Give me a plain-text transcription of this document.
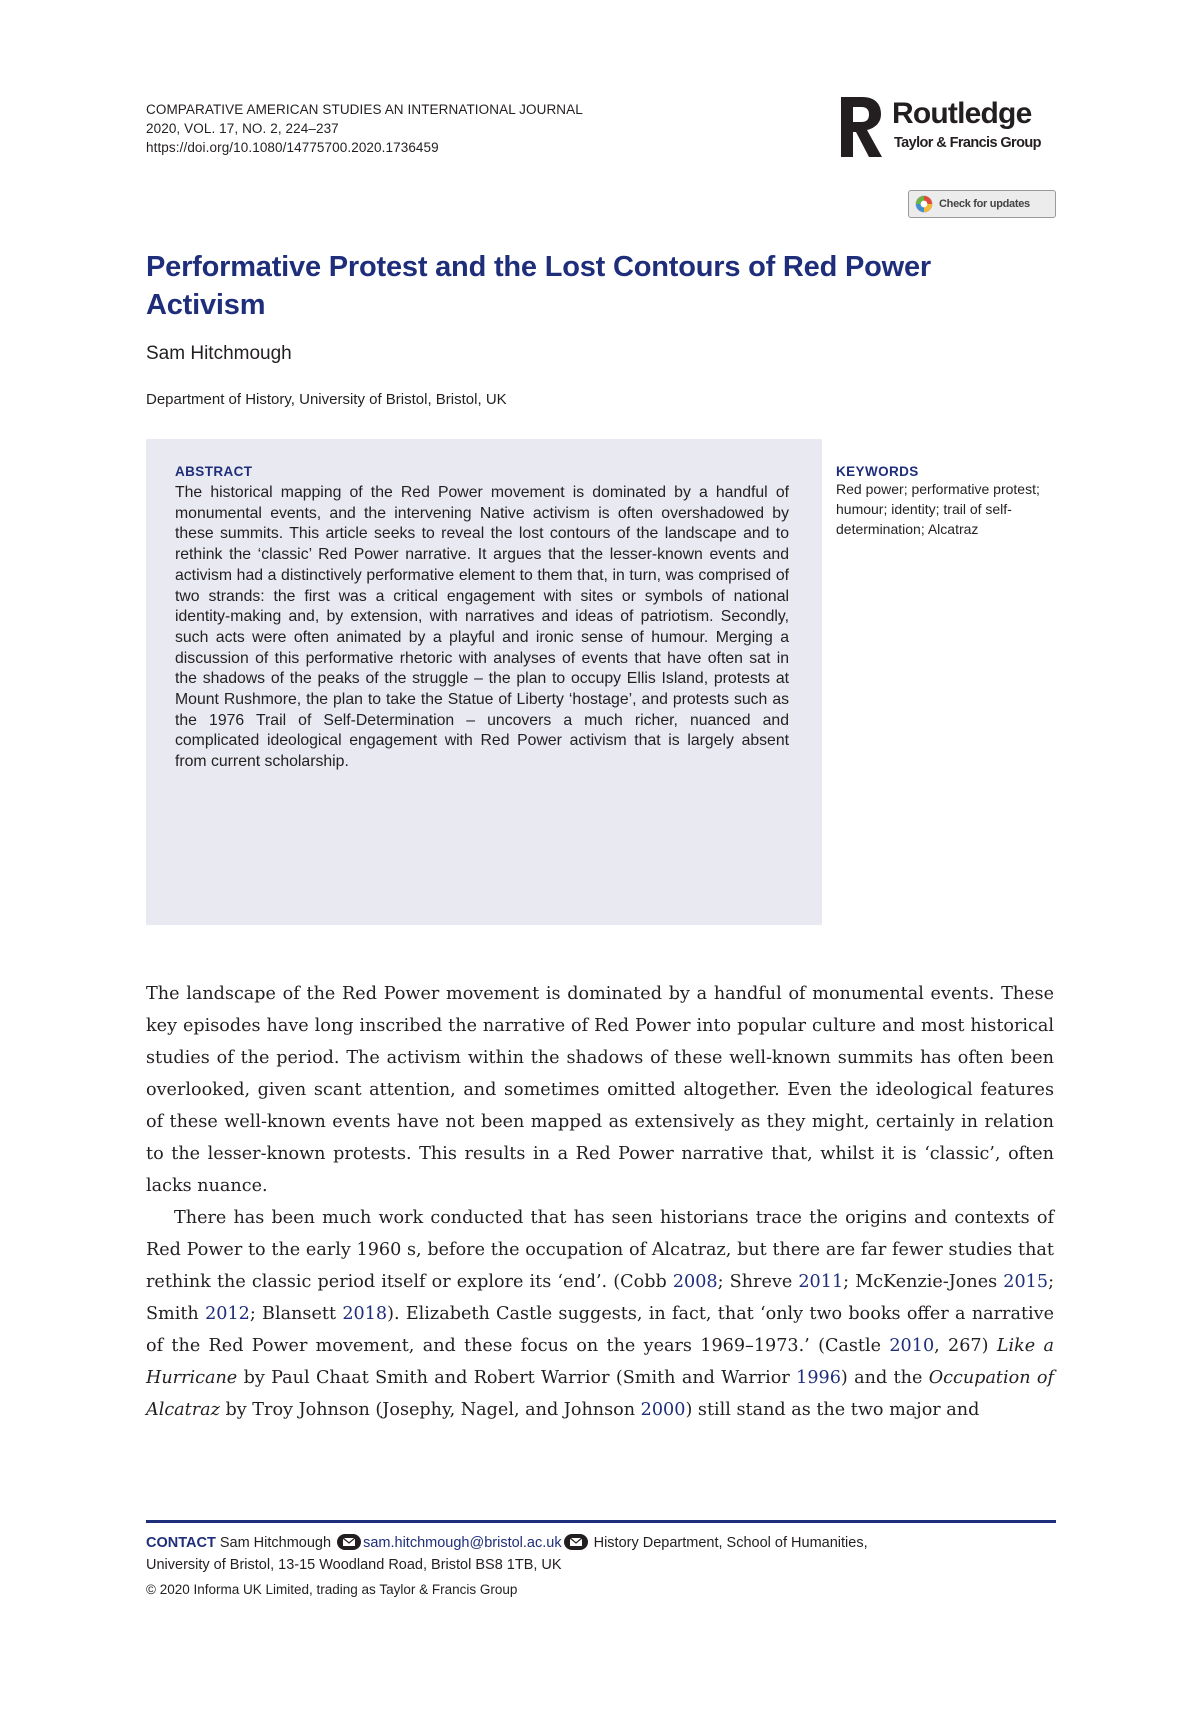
COMPARATIVE AMERICAN STUDIES AN INTERNATIONAL JOURNAL
2020, VOL. 17, NO. 2, 224–237
https://doi.org/10.1080/14775700.2020.1736459
Routledge
Taylor & Francis Group
Check for updates
Performative Protest and the Lost Contours of Red Power Activism
Sam Hitchmough
Department of History, University of Bristol, Bristol, UK
ABSTRACT
The historical mapping of the Red Power movement is dominated by a handful of monumental events, and the intervening Native activism is often overshadowed by these summits. This article seeks to reveal the lost contours of the landscape and to rethink the ‘classic’ Red Power narrative. It argues that the lesser-known events and activism had a distinctively performative element to them that, in turn, was comprised of two strands: the first was a critical engagement with sites or symbols of national identity-making and, by extension, with narratives and ideas of patriotism. Secondly, such acts were often animated by a playful and ironic sense of humour. Merging a discussion of this performative rhetoric with analyses of events that have often sat in the shadows of the peaks of the struggle – the plan to occupy Ellis Island, protests at Mount Rushmore, the plan to take the Statue of Liberty ‘hostage’, and protests such as the 1976 Trail of Self-Determination – uncovers a much richer, nuanced and complicated ideological engagement with Red Power activism that is largely absent from current scholarship.
KEYWORDS
Red power; performative protest; humour; identity; trail of self-determination; Alcatraz

The landscape of the Red Power movement is dominated by a handful of monumental events. These key episodes have long inscribed the narrative of Red Power into popular culture and most historical studies of the period. The activism within the shadows of these well-known summits has often been overlooked, given scant attention, and sometimes omitted altogether. Even the ideological features of these well-known events have not been mapped as extensively as they might, certainly in relation to the lesser-known protests. This results in a Red Power narrative that, whilst it is ‘classic’, often lacks nuance.

There has been much work conducted that has seen historians trace the origins and contexts of Red Power to the early 1960 s, before the occupation of Alcatraz, but there are far fewer studies that rethink the classic period itself or explore its ‘end’. (Cobb 2008; Shreve 2011; McKenzie-Jones 2015; Smith 2012; Blansett 2018). Elizabeth Castle suggests, in fact, that ‘only two books offer a narrative of the Red Power movement, and these focus on the years 1969–1973.’ (Castle 2010, 267) Like a Hurricane by Paul Chaat Smith and Robert Warrior (Smith and Warrior 1996) and the Occupation of Alcatraz by Troy Johnson (Josephy, Nagel, and Johnson 2000) still stand as the two major and

CONTACT Sam Hitchmough sam.hitchmough@bristol.ac.uk History Department, School of Humanities,
University of Bristol, 13-15 Woodland Road, Bristol BS8 1TB, UK
© 2020 Informa UK Limited, trading as Taylor & Francis Group
